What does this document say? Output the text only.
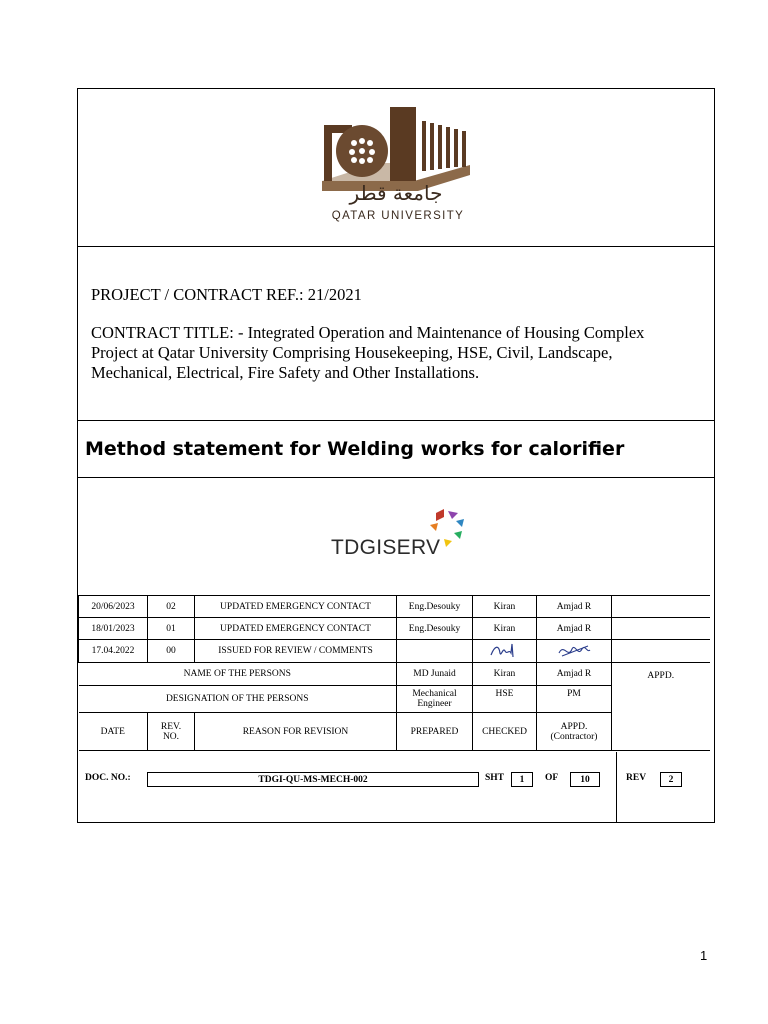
جامعة قطر
QATAR UNIVERSITY
PROJECT / CONTRACT REF.: 21/2021
CONTRACT TITLE: - Integrated Operation and Maintenance of Housing Complex
Project at Qatar University Comprising Housekeeping, HSE, Civil, Landscape,
Mechanical, Electrical, Fire Safety and Other Installations.
Method statement for Welding works for calorifier
TDGISERV
20/06/2023	02	UPDATED EMERGENCY CONTACT	Eng.Desouky	Kiran	Amjad R	
18/01/2023	01	UPDATED EMERGENCY CONTACT	Eng.Desouky	Kiran	Amjad R	
17.04.2022	00	ISSUED FOR REVIEW / COMMENTS	

NAME OF THE PERSONS			MD Junaid	Kiran	Amjad R	APPD.
DESIGNATION OF THE PERSONS			Mechanical
Engineer	HSE	PM	
DATE	REV.
NO.	REASON FOR REVISION	PREPARED	CHECKED	APPD.
(Contractor)	
DOC. NO.:	TDGI-QU-MS-MECH-002	SHT	1	OF	10	REV	2
1
